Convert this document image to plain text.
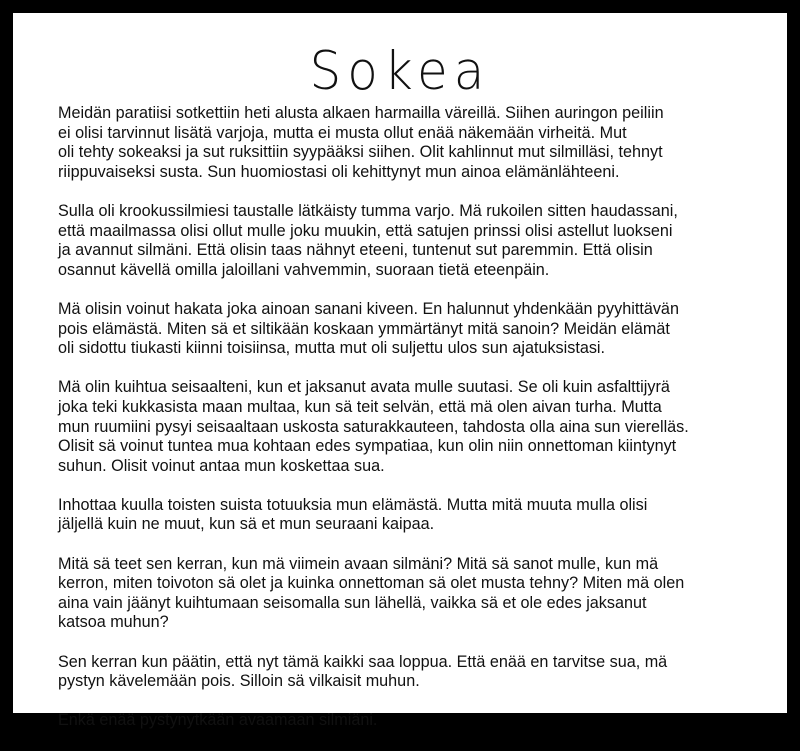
Sokea

Meidän paratiisi sotkettiin heti alusta alkaen harmailla väreillä. Siihen auringon peiliin
ei olisi tarvinnut lisätä varjoja, mutta ei musta ollut enää näkemään virheitä. Mut
oli tehty sokeaksi ja sut ruksittiin syypääksi siihen. Olit kahlinnut mut silmilläsi, tehnyt
riippuvaiseksi susta. Sun huomiostasi oli kehittynyt mun ainoa elämänlähteeni.

Sulla oli krookussilmiesi taustalle lätkäisty tumma varjo. Mä rukoilen sitten haudassani,
että maailmassa olisi ollut mulle joku muukin, että satujen prinssi olisi astellut luokseni
ja avannut silmäni. Että olisin taas nähnyt eteeni, tuntenut sut paremmin. Että olisin
osannut kävellä omilla jaloillani vahvemmin, suoraan tietä eteenpäin.

Mä olisin voinut hakata joka ainoan sanani kiveen. En halunnut yhdenkään pyyhittävän
pois elämästä. Miten sä et siltikään koskaan ymmärtänyt mitä sanoin? Meidän elämät
oli sidottu tiukasti kiinni toisiinsa, mutta mut oli suljettu ulos sun ajatuksistasi.

Mä olin kuihtua seisaalteni, kun et jaksanut avata mulle suutasi. Se oli kuin asfalttijyrä
joka teki kukkasista maan multaa, kun sä teit selvän, että mä olen aivan turha. Mutta
mun ruumiini pysyi seisaaltaan uskosta saturakkauteen, tahdosta olla aina sun vierelläs.
Olisit sä voinut tuntea mua kohtaan edes sympatiaa, kun olin niin onnettoman kiintynyt
suhun. Olisit voinut antaa mun koskettaa sua.

Inhottaa kuulla toisten suista totuuksia mun elämästä. Mutta mitä muuta mulla olisi
jäljellä kuin ne muut, kun sä et mun seuraani kaipaa.

Mitä sä teet sen kerran, kun mä viimein avaan silmäni? Mitä sä sanot mulle, kun mä
kerron, miten toivoton sä olet ja kuinka onnettoman sä olet musta tehny? Miten mä olen
aina vain jäänyt kuihtumaan seisomalla sun lähellä, vaikka sä et ole edes jaksanut
katsoa muhun?

Sen kerran kun päätin, että nyt tämä kaikki saa loppua. Että enää en tarvitse sua, mä
pystyn kävelemään pois. Silloin sä vilkaisit muhun.

Enkä enää pystynytkään avaamaan silmiäni.
